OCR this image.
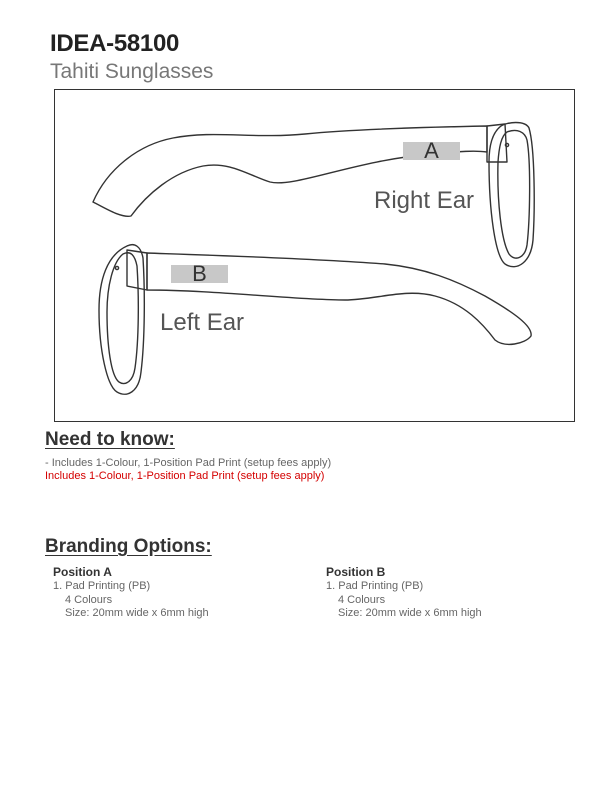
IDEA-58100
Tahiti Sunglasses
A
B
Right Ear
Left Ear
Need to know:
- Includes 1-Colour, 1-Position Pad Print (setup fees apply)
Includes 1-Colour, 1-Position Pad Print (setup fees apply)
Branding Options:
Position A
1. Pad Printing (PB)
4 Colours
Size: 20mm wide x 6mm high
Position B
1. Pad Printing (PB)
4 Colours
Size: 20mm wide x 6mm high
